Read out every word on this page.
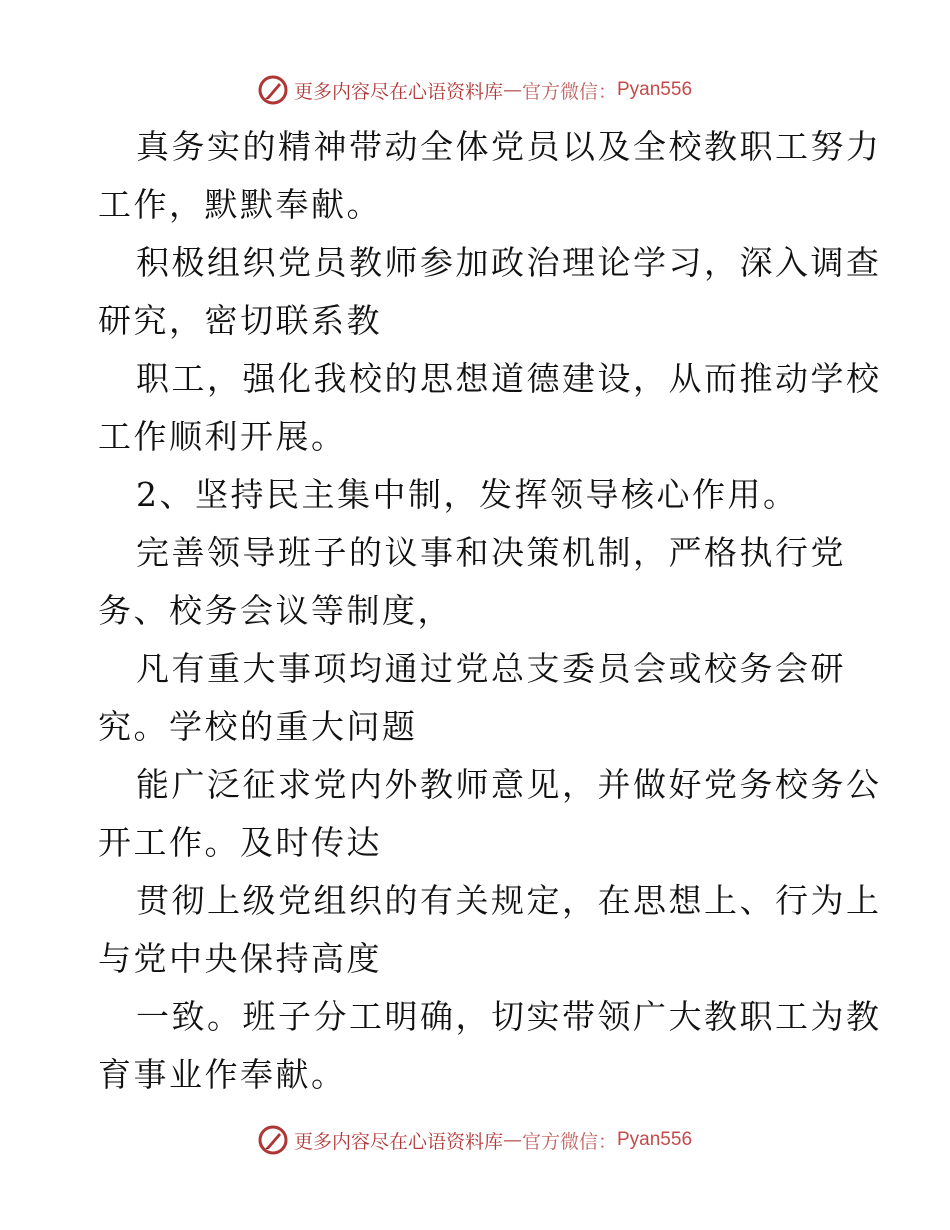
更多内容尽在心语资料库 — 官方微信： Pyan556
真务实的精神带动全体党员以及全校教职工努力
工作，默默奉献。
积极组织党员教师参加政治理论学习，深入调查
研究，密切联系教
职工，强化我校的思想道德建设，从而推动学校
工作顺利开展。
2、坚持民主集中制，发挥领导核心作用。
完善领导班子的议事和决策机制，严格执行党
务、校务会议等制度，
凡有重大事项均通过党总支委员会或校务会研
究。学校的重大问题
能广泛征求党内外教师意见，并做好党务校务公
开工作。及时传达
贯彻上级党组织的有关规定，在思想上、行为上
与党中央保持高度
一致。班子分工明确，切实带领广大教职工为教
育事业作奉献。
更多内容尽在心语资料库 — 官方微信： Pyan556
